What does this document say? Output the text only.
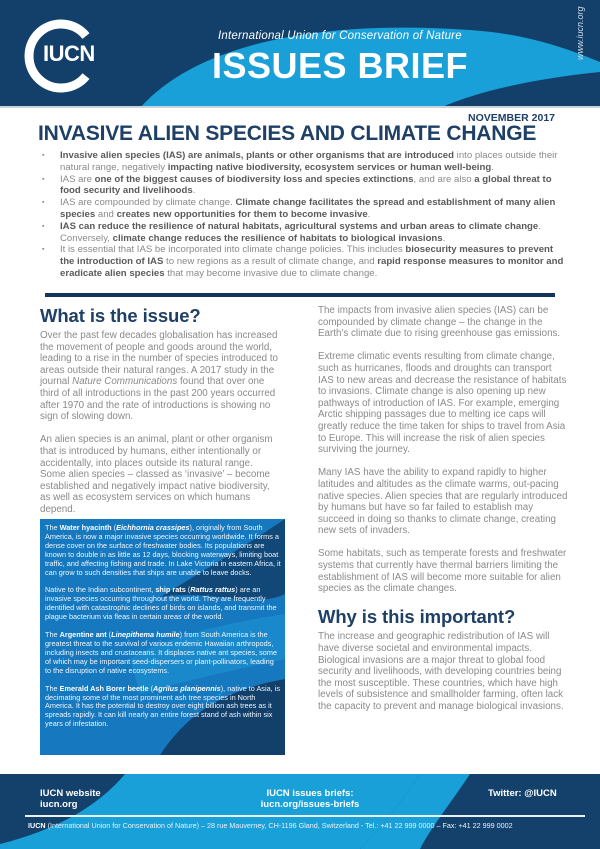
IUCN
International Union for Conservation of Nature
ISSUES BRIEF
www.iucn.org
NOVEMBER 2017
INVASIVE ALIEN SPECIES AND CLIMATE CHANGE
▪ Invasive alien species (IAS) are animals, plants or other organisms that are introduced into places outside their natural range, negatively impacting native biodiversity, ecosystem services or human well-being.
▪ IAS are one of the biggest causes of biodiversity loss and species extinctions, and are also a global threat to food security and livelihoods.
▪ IAS are compounded by climate change. Climate change facilitates the spread and establishment of many alien species and creates new opportunities for them to become invasive.
▪ IAS can reduce the resilience of natural habitats, agricultural systems and urban areas to climate change. Conversely, climate change reduces the resilience of habitats to biological invasions.
▪ It is essential that IAS be incorporated into climate change policies. This includes biosecurity measures to prevent the introduction of IAS to new regions as a result of climate change, and rapid response measures to monitor and eradicate alien species that may become invasive due to climate change.
What is the issue?

Over the past few decades globalisation has increased the movement of people and goods around the world, leading to a rise in the number of species introduced to areas outside their natural ranges. A 2017 study in the journal Nature Communications found that over one third of all introductions in the past 200 years occurred after 1970 and the rate of introductions is showing no sign of slowing down.

An alien species is an animal, plant or other organism that is introduced by humans, either intentionally or accidentally, into places outside its natural range. Some alien species – classed as ‘invasive’ – become established and negatively impact native biodiversity, as well as ecosystem services on which humans depend.

The Water hyacinth (Eichhornia crassipes), originally from South America, is now a major invasive species occurring worldwide. It forms a dense cover on the surface of freshwater bodies. Its populations are known to double in as little as 12 days, blocking waterways, limiting boat traffic, and affecting fishing and trade. In Lake Victoria in eastern Africa, it can grow to such densities that ships are unable to leave docks.

Native to the Indian subcontinent, ship rats (Rattus rattus) are an invasive species occurring throughout the world. They are frequently identified with catastrophic declines of birds on islands, and transmit the plague bacterium via fleas in certain areas of the world.

The Argentine ant (Linepithema humile) from South America is the greatest threat to the survival of various endemic Hawaiian arthropods, including insects and crustaceans. It displaces native ant species, some of which may be important seed-dispersers or plant-pollinators, leading to the disruption of native ecosystems.

The Emerald Ash Borer beetle (Agrilus planipennis), native to Asia, is decimating some of the most prominent ash tree species in North America. It has the potential to destroy over eight billion ash trees as it spreads rapidly. It can kill nearly an entire forest stand of ash within six years of infestation.

The impacts from invasive alien species (IAS) can be compounded by climate change – the change in the Earth’s climate due to rising greenhouse gas emissions.

Extreme climatic events resulting from climate change, such as hurricanes, floods and droughts can transport IAS to new areas and decrease the resistance of habitats to invasions. Climate change is also opening up new pathways of introduction of IAS. For example, emerging Arctic shipping passages due to melting ice caps will greatly reduce the time taken for ships to travel from Asia to Europe. This will increase the risk of alien species surviving the journey.

Many IAS have the ability to expand rapidly to higher latitudes and altitudes as the climate warms, out-pacing native species. Alien species that are regularly introduced by humans but have so far failed to establish may succeed in doing so thanks to climate change, creating new sets of invaders.

Some habitats, such as temperate forests and freshwater systems that currently have thermal barriers limiting the establishment of IAS will become more suitable for alien species as the climate changes.

Why is this important?

The increase and geographic redistribution of IAS will have diverse societal and environmental impacts. Biological invasions are a major threat to global food security and livelihoods, with developing countries being the most susceptible. These countries, which have high levels of subsistence and smallholder farming, often lack the capacity to prevent and manage biological invasions.

IUCN website
iucn.org
IUCN issues briefs:
iucn.org/issues-briefs
Twitter: @IUCN
IUCN (International Union for Conservation of Nature) – 28 rue Mauverney, CH-1196 Gland, Switzerland - Tel.: +41 22 999 0000 – Fax: +41 22 999 0002
